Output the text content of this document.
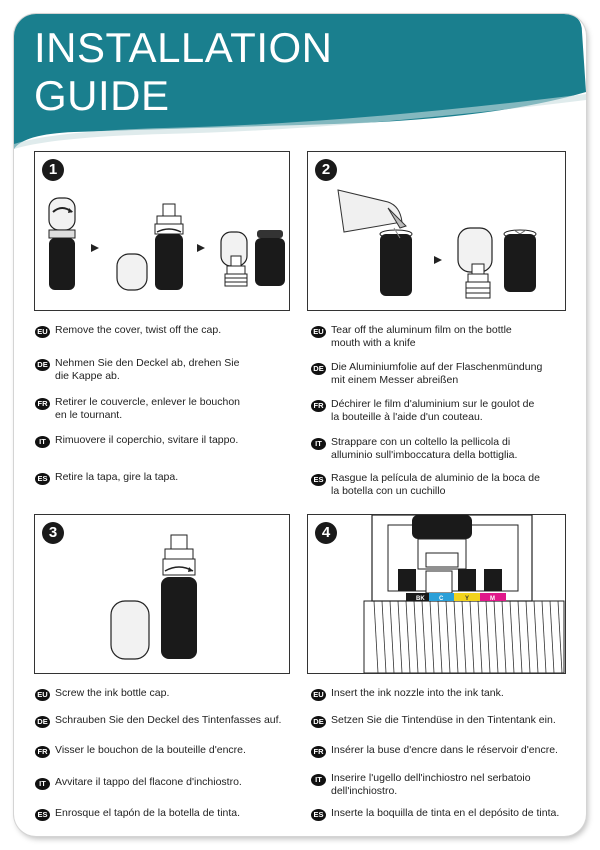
INSTALLATION
GUIDE
1	2
EU Remove the cover, twist off the cap.
DE Nehmen Sie den Deckel ab, drehen Sie
die Kappe ab.
FR Retirer le couvercle, enlever le bouchon
en le tournant.
IT Rimuovere il coperchio, svitare il tappo.
ES Retire la tapa, gire la tapa.
EU Tear off the aluminum film on the bottle
mouth with a knife
DE Die Aluminiumfolie auf der Flaschenmündung
mit einem Messer abreißen
FR Déchirer le film d'aluminium sur le goulot de
la bouteille à l'aide d'un couteau.
IT Strappare con un coltello la pellicola di
alluminio sull'imboccatura della bottiglia.
ES Rasgue la película de aluminio de la boca de
la botella con un cuchillo
3
BK C	Y	M
4
EU Screw the ink bottle cap.
DE Schrauben Sie den Deckel des Tintenfasses auf.
FR Visser le bouchon de la bouteille d'encre.
IT Avvitare il tappo del flacone d'inchiostro.
ES Enrosque el tapón de la botella de tinta.
EU Insert the ink nozzle into the ink tank.
DE Setzen Sie die Tintendüse in den Tintentank ein.
FR Insérer la buse d'encre dans le réservoir d'encre.
IT Inserire l'ugello dell'inchiostro nel serbatoio
dell'inchiostro.
ES Inserte la boquilla de tinta en el depósito de tinta.
